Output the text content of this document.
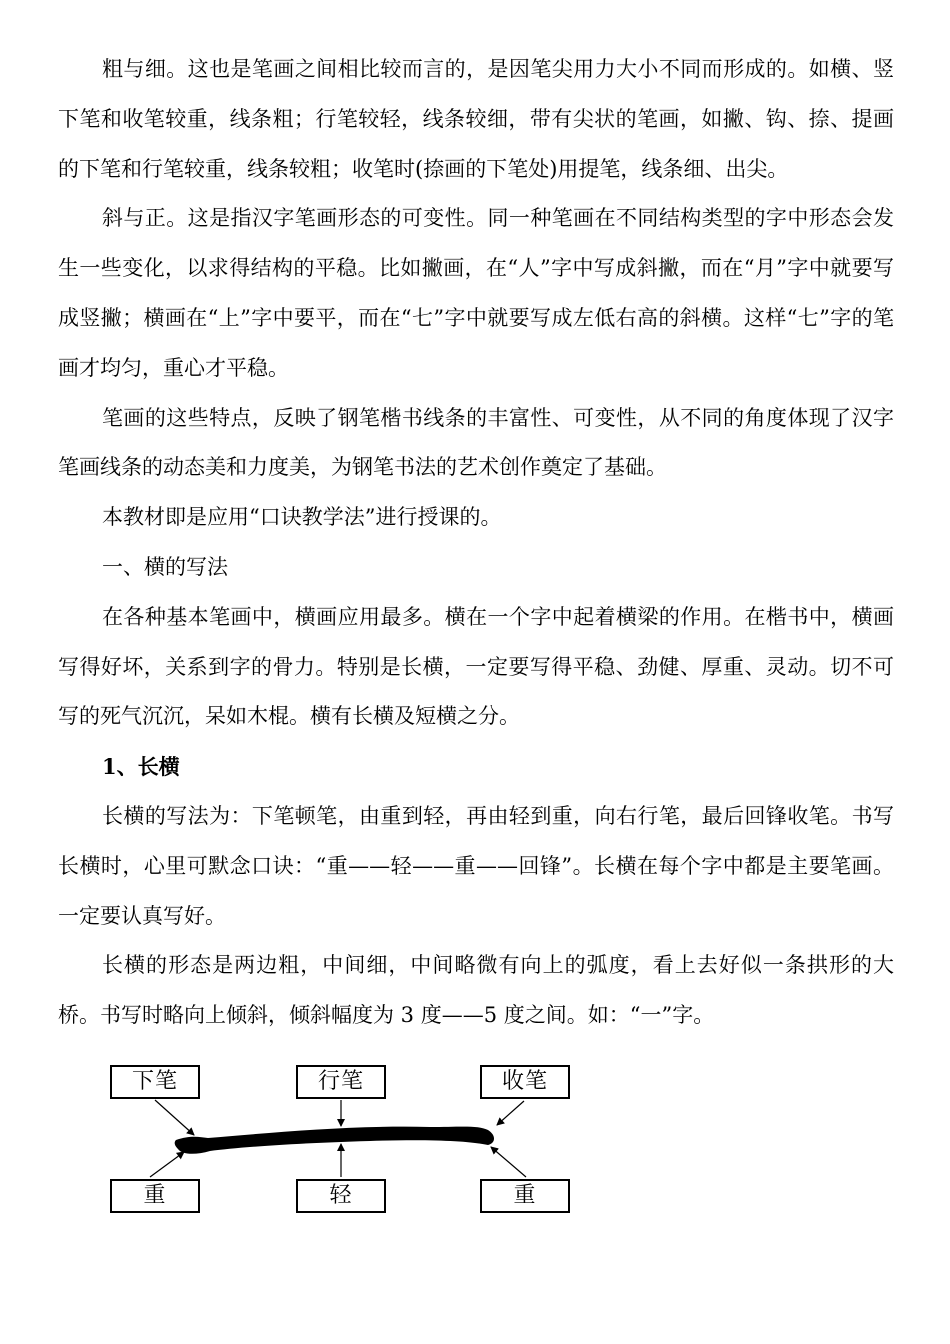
粗与细。这也是笔画之间相比较而言的，是因笔尖用力大小不同而形成的。如横、竖下笔和收笔较重，线条粗；行笔较轻，线条较细，带有尖状的笔画，如撇、钩、捺、提画的下笔和行笔较重，线条较粗；收笔时(捺画的下笔处)用提笔，线条细、出尖。

斜与正。这是指汉字笔画形态的可变性。同一种笔画在不同结构类型的字中形态会发生一些变化，以求得结构的平稳。比如撇画，在“人”字中写成斜撇，而在“月”字中就要写成竖撇；横画在“上”字中要平，而在“七”字中就要写成左低右高的斜横。这样“七”字的笔画才均匀，重心才平稳。

笔画的这些特点，反映了钢笔楷书线条的丰富性、可变性，从不同的角度体现了汉字笔画线条的动态美和力度美，为钢笔书法的艺术创作奠定了基础。

本教材即是应用“口诀教学法”进行授课的。

一、横的写法

在各种基本笔画中，横画应用最多。横在一个字中起着横梁的作用。在楷书中，横画写得好坏，关系到字的骨力。特别是长横，一定要写得平稳、劲健、厚重、灵动。切不可写的死气沉沉，呆如木棍。横有长横及短横之分。

1、长横

长横的写法为：下笔顿笔，由重到轻，再由轻到重，向右行笔，最后回锋收笔。书写长横时，心里可默念口诀：“重——轻——重——回锋”。长横在每个字中都是主要笔画。一定要认真写好。

长横的形态是两边粗，中间细，中间略微有向上的弧度，看上去好似一条拱形的大桥。书写时略向上倾斜，倾斜幅度为 3 度——5 度之间。如：“一”字。

下笔	行笔	收笔
重	轻	重
